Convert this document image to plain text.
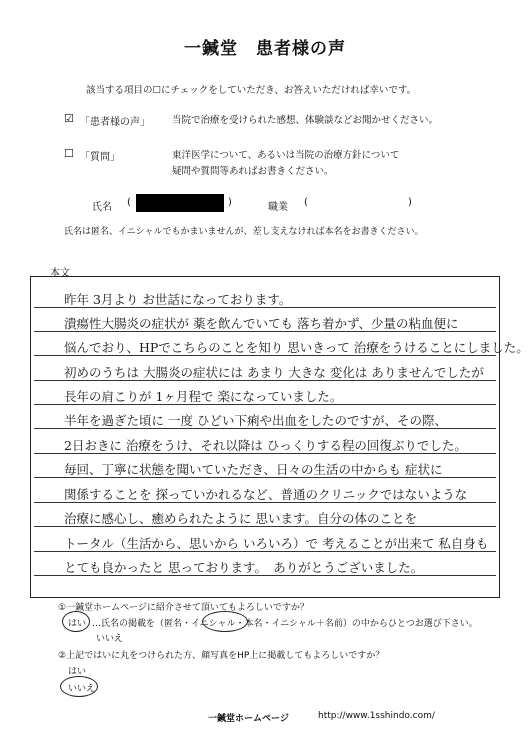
一鍼堂　患者様の声
該当する項目の☐にチェックをしていただき、お答えいただければ幸いです。
☑ 「患者様の声」 当院で治療を受けられた感想、体験談などお聞かせください。
☐ 「質問」	東洋医学について、あるいは当院の治療方針について
疑問や質問等あればお書きください。
氏名 (	)	職業 (	)
氏名は匿名、イニシャルでもかまいませんが、差し支えなければ本名をお書きください。
本文
昨年 3月より お世話になっております。
潰瘍性大腸炎の症状が 薬を飲んでいても 落ち着かず、少量の粘血便に
悩んでおり、HPでこちらのことを知り 思いきって 治療をうけることにしました。
初めのうちは 大腸炎の症状には あまり 大きな 変化は ありませんでしたが
長年の肩こりが 1ヶ月程で 楽になっていました。
半年を過ぎた頃に 一度 ひどい下痢や出血をしたのですが、その際、
2日おきに 治療をうけ、それ以降は ひっくりする程の回復ぶりでした。
毎回、丁寧に状態を聞いていただき、日々の生活の中からも 症状に
関係することを 探っていかれるなど、普通のクリニックではないような
治療に感心し、癒められたように 思います。自分の体のことを
トータル（生活から、思いから いろいろ）で 考えることが出来て 私自身も
とても良かったと 思っております。　ありがとうございました。
①一鍼堂ホームページに紹介させて頂いてもよろしいですか？
はい …氏名の掲載を（匿名・イニシャル・本名・イニシャル＋名前）の中からひとつお選び下さい。
いいえ
②上記ではいに丸をつけられた方、顔写真をHP上に掲載してもよろしいですか？
はい
いいえ
一鍼堂ホームページ	http://www.1sshindo.com/
